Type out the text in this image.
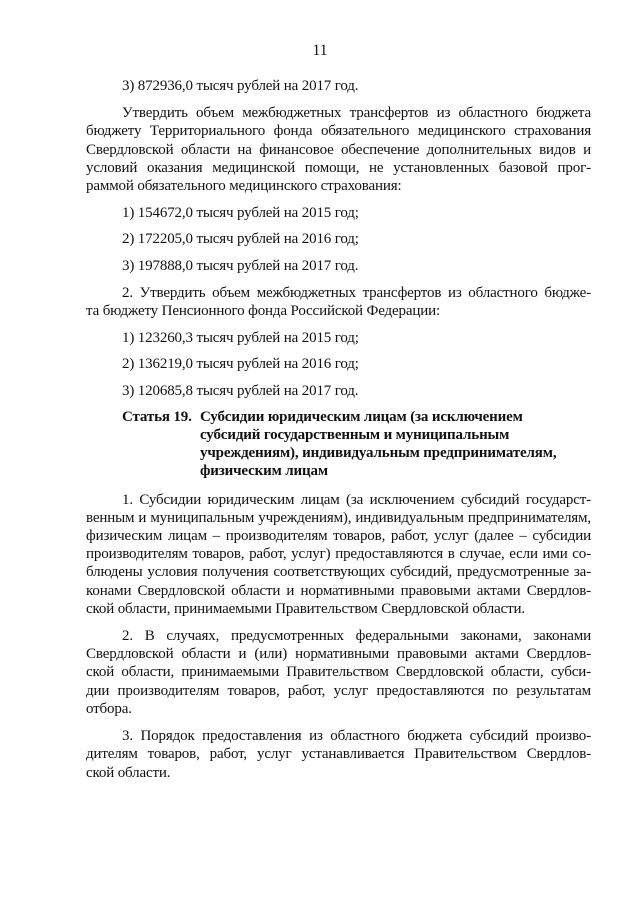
11
3) 872936,0 тысяч рублей на 2017 год.
Утвердить объем межбюджетных трансфертов из областного бюджета
бюджету Территориального фонда обязательного медицинского страхования
Свердловской области на финансовое обеспечение дополнительных видов и
условий оказания медицинской помощи, не установленных базовой прог-
раммой обязательного медицинского страхования:
1) 154672,0 тысяч рублей на 2015 год;
2) 172205,0 тысяч рублей на 2016 год;
3) 197888,0 тысяч рублей на 2017 год.
2. Утвердить объем межбюджетных трансфертов из областного бюдже-
та бюджету Пенсионного фонда Российской Федерации:
1) 123260,3 тысяч рублей на 2015 год;
2) 136219,0 тысяч рублей на 2016 год;
3) 120685,8 тысяч рублей на 2017 год.
Статья 19. Субсидии юридическим лицам (за исключением
субсидий государственным и муниципальным
учреждениям), индивидуальным предпринимателям,
физическим лицам
1. Субсидии юридическим лицам (за исключением субсидий государст-
венным и муниципальным учреждениям), индивидуальным предпринимателям,
физическим лицам – производителям товаров, работ, услуг (далее – субсидии
производителям товаров, работ, услуг) предоставляются в случае, если ими со-
блюдены условия получения соответствующих субсидий, предусмотренные за-
конами Свердловской области и нормативными правовыми актами Свердлов-
ской области, принимаемыми Правительством Свердловской области.
2. В случаях, предусмотренных федеральными законами, законами
Свердловской области и (или) нормативными правовыми актами Свердлов-
ской области, принимаемыми Правительством Свердловской области, субси-
дии производителям товаров, работ, услуг предоставляются по результатам
отбора.
3. Порядок предоставления из областного бюджета субсидий произво-
дителям товаров, работ, услуг устанавливается Правительством Свердлов-
ской области.
